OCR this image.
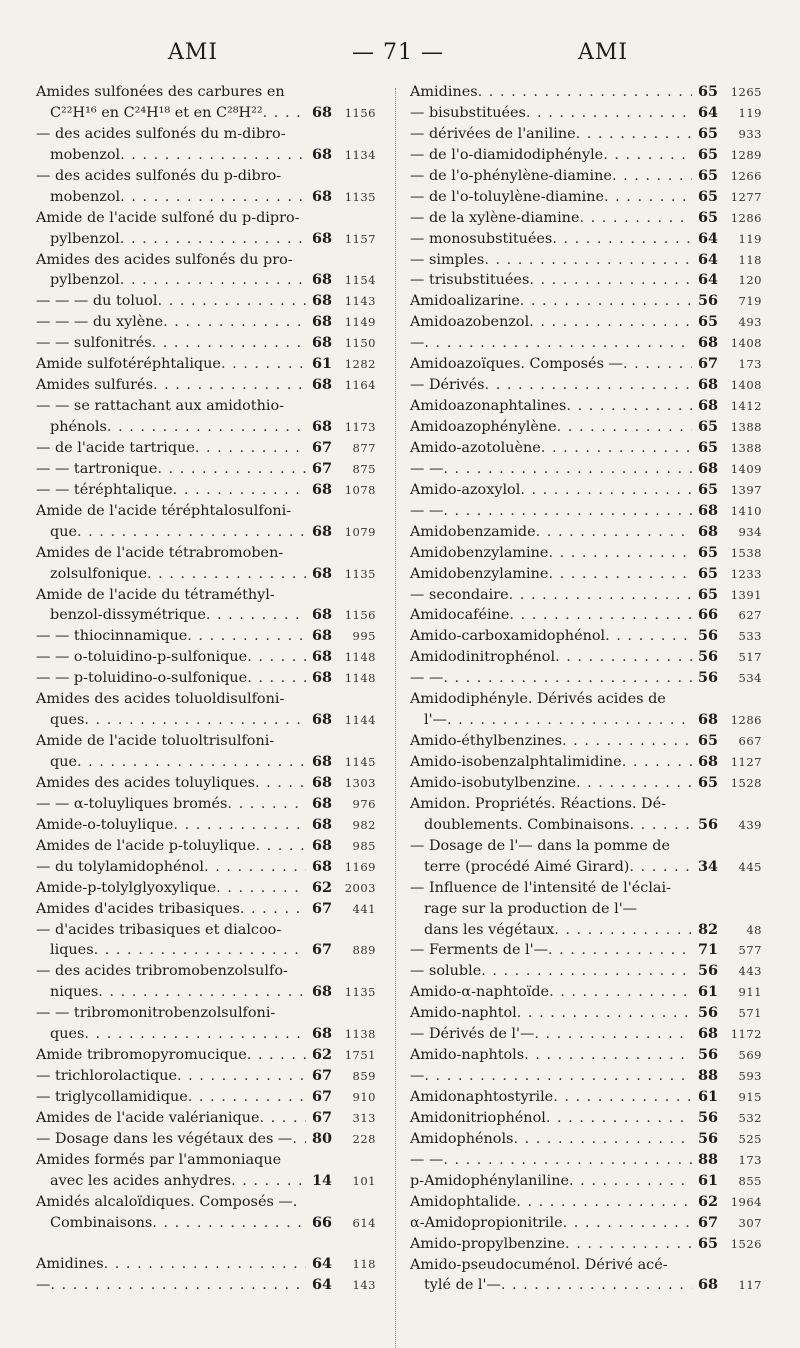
AMI	— 71 —	AMI
Amides sulfonées des carbures en
C²²H¹⁶ en C²⁴H¹⁸ et en C²⁸H²² . . .	68	1156
— des acides sulfonés du m-dibro-
mobenzol . . .	68	1134
— des acides sulfonés du p-dibro-
mobenzol . . .	68	1135
Amide de l'acide sulfoné du p-dipro-
pylbenzol . . .	68	1157
Amides des acides sulfonés du pro-
pylbenzol . . .	68	1154
— — — du toluol . . .	68	1143
— — — du xylène . . .	68	1149
— — sulfonitrés . . .	68	1150
Amide sulfotéréphtalique . . .	61	1282
Amides sulfurés . . .	68	1164
— — se rattachant aux amidothio-
phénols . . .	68	1173
— de l'acide tartrique . . .	67	877
— — tartronique . . .	67	875
— — téréphtalique . . .	68	1078
Amide de l'acide téréphtalosulfoni-
que . . .	68	1079
Amides de l'acide tétrabromoben-
zolsulfonique . . .	68	1135
Amide de l'acide du tétraméthyl-
benzol-dissymétrique . . .	68	1156
— — thiocinnamique . . .	68	995
— — o-toluidino-p-sulfonique . . .	68	1148
— — p-toluidino-o-sulfonique . . .	68	1148
Amides des acides toluoldisulfoni-
ques . . .	68	1144
Amide de l'acide toluoltrisulfoni-
que . . .	68	1145
Amides des acides toluyliques . . .	68	1303
— — α-toluyliques bromés . . .	68	976
Amide-o-toluylique . . .	68	982
Amides de l'acide p-toluylique . . .	68	985
— du tolylamidophénol . . .	68	1169
Amide-p-tolylglyoxylique . . .	62	2003
Amides d'acides tribasiques . . .	67	441
— d'acides tribasiques et dialcoo-
liques . . .	67	889
— des acides tribromobenzolsulfo-
niques . . .	68	1135
— — tribromonitrobenzolsulfoni-
ques . . .	68	1138
Amide tribromopyromucique . . .	62	1751
— trichlorolactique . . .	67	859
— triglycollamidique . . .	67	910
Amides de l'acide valérianique . . .	67	313
— Dosage dans les végétaux des — . . . 80	228
Amides formés par l'ammoniaque
avec les acides anhydres . . .	14	101
Amidés alcaloïdiques. Composés —.
Combinaisons . . .	66	614
Amidines . . .	64	118
— . . .	64	143
Amidines . . .	65	1265
— bisubstituées . . .	64	119
— dérivées de l'aniline . . .	65	933
— de l'o-diamidodiphényle . . .	65	1289
— de l'o-phénylène-diamine . . .	65	1266
— de l'o-toluylène-diamine . . .	65	1277
— de la xylène-diamine . . .	65	1286
— monosubstituées . . .	64	119
— simples . . .	64	118
— trisubstituées . . .	64	120
Amidoalizarine . . .	56	719
Amidoazobenzol . . .	65	493
— . . .	68	1408
Amidoazoïques. Composés — . . .	67	173
— Dérivés . . .	68	1408
Amidoazonaphtalines . . .	68	1412
Amidoazophénylène . . .	65	1388
Amido-azotoluène . . .	65	1388
— — . . .	68	1409
Amido-azoxylol . . .	65	1397
— — . . .	68	1410
Amidobenzamide . . .	68	934
Amidobenzylamine . . .	65	1538
Amidobenzylamine . . .	65	1233
— secondaire . . .	65	1391
Amidocaféine . . .	66	627
Amido-carboxamidophénol . . .	56	533
Amidodinitrophénol . . .	56	517
— — . . .	56	534
Amidodiphényle. Dérivés acides de
l'— . . .	68	1286
Amido-éthylbenzines . . .	65	667
Amido-isobenzalphtalimidine . . .	68	1127
Amido-isobutylbenzine . . .	65	1528
Amidon. Propriétés. Réactions. Dé-
doublements. Combinaisons . . .	56	439
— Dosage de l'— dans la pomme de
terre (procédé Aimé Girard) . . .	34	445
— Influence de l'intensité de l'éclai-
rage sur la production de l'—
dans les végétaux . . .	82	48
— Ferments de l'— . . .	71	577
— soluble . . .	56	443
Amido-α-naphtoïde . . .	61	911
Amido-naphtol . . .	56	571
— Dérivés de l'— . . .	68	1172
Amido-naphtols . . .	56	569
— . . .	88	593
Amidonaphtostyrile . . .	61	915
Amidonitriophénol . . .	56	532
Amidophénols . . .	56	525
— — . . .	88	173
p-Amidophénylaniline . . .	61	855
Amidophtalide . . .	62	1964
α-Amidopropionitrile . . .	67	307
Amido-propylbenzine . . .	65	1526
Amido-pseudocuménol. Dérivé acé-
tylé de l'— . . .	68	117
